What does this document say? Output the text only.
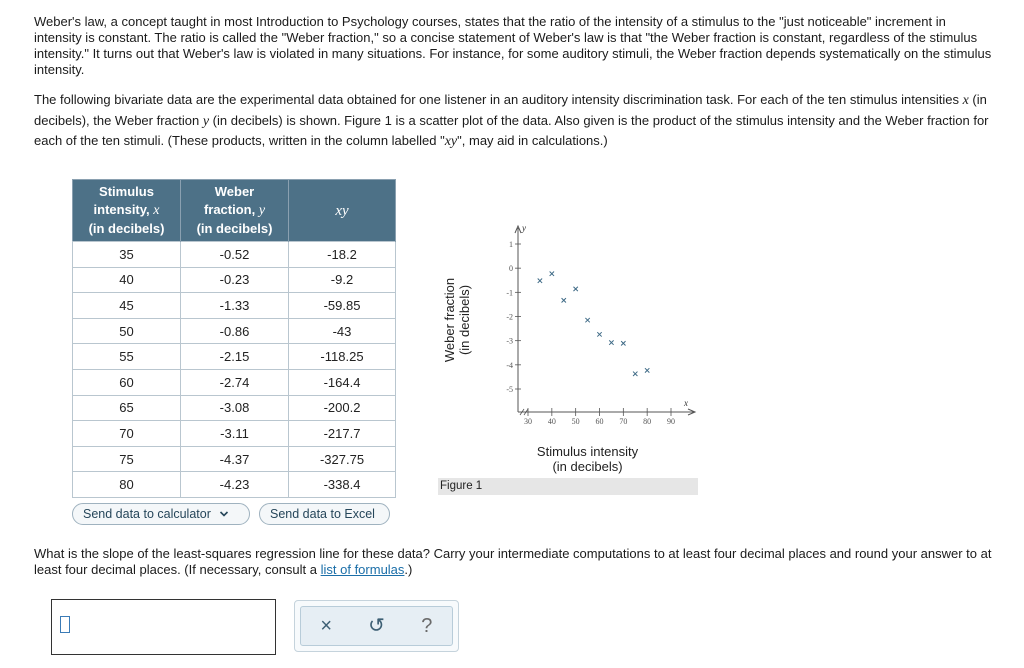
Weber's law, a concept taught in most Introduction to Psychology courses, states that the ratio of the intensity of a stimulus to the "just noticeable" increment in intensity is constant. The ratio is called the "Weber fraction," so a concise statement of Weber's law is that "the Weber fraction is constant, regardless of the stimulus intensity." It turns out that Weber's law is violated in many situations. For instance, for some auditory stimuli, the Weber fraction depends systematically on the stimulus intensity.

The following bivariate data are the experimental data obtained for one listener in an auditory intensity discrimination task. For each of the ten stimulus intensities x (in decibels), the Weber fraction y (in decibels) is shown. Figure 1 is a scatter plot of the data. Also given is the product of the stimulus intensity and the Weber fraction for each of the ten stimuli. (These products, written in the column labelled "xy", may aid in calculations.)

Stimulus
intensity, x
(in decibels)	Weber
fraction, y
(in decibels)	xy
35	-0.52	-18.2
40	-0.23	-9.2
45	-1.33	-59.85
50	-0.86	-43
55	-2.15	-118.25
60	-2.74	-164.4
65	-3.08	-200.2
70	-3.11	-217.7
75	-4.37	-327.75
80	-4.23	-338.4
Send data to calculator	Send data to Excel
Weber fraction (in decibels)
y
x
1
0
-1
-2
-3
-4
-5
30 40 50 60 70 80 90
Stimulus intensity
(in decibels)
Figure 1

What is the slope of the least-squares regression line for these data? Carry your intermediate computations to at least four decimal places and round your answer to at least four decimal places. (If necessary, consult a list of formulas.)

×	↺	?
